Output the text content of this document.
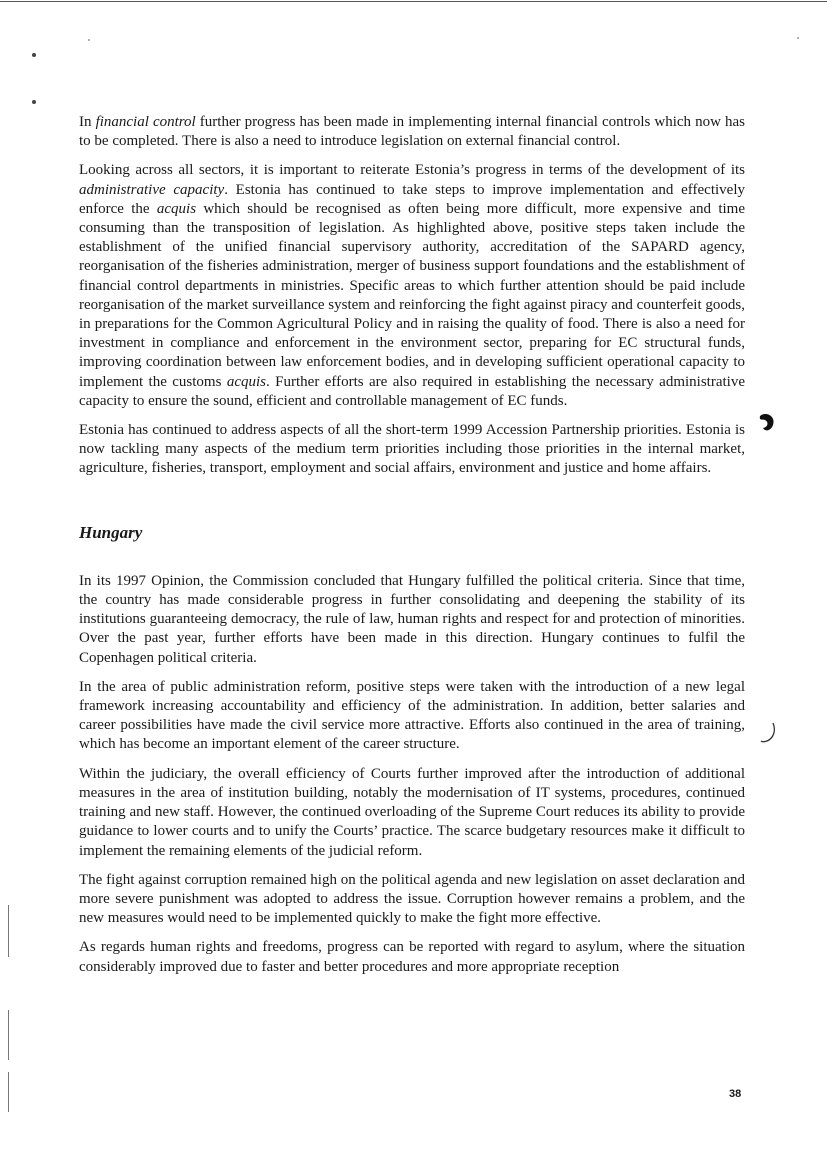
In financial control further progress has been made in implementing internal financial controls which now has to be completed. There is also a need to introduce legislation on external financial control.

Looking across all sectors, it is important to reiterate Estonia’s progress in terms of the development of its administrative capacity. Estonia has continued to take steps to improve implementation and effectively enforce the acquis which should be recognised as often being more difficult, more expensive and time consuming than the transposition of legislation. As highlighted above, positive steps taken include the establishment of the unified financial supervisory authority, accreditation of the SAPARD agency, reorganisation of the fisheries administration, merger of business support foundations and the establishment of financial control departments in ministries. Specific areas to which further attention should be paid include reorganisation of the market surveillance system and reinforcing the fight against piracy and counterfeit goods, in preparations for the Common Agricultural Policy and in raising the quality of food. There is also a need for investment in compliance and enforcement in the environment sector, preparing for EC structural funds, improving coordination between law enforcement bodies, and in developing sufficient operational capacity to implement the customs acquis. Further efforts are also required in establishing the necessary administrative capacity to ensure the sound, efficient and controllable management of EC funds.

Estonia has continued to address aspects of all the short-term 1999 Accession Partnership priorities. Estonia is now tackling many aspects of the medium term priorities including those priorities in the internal market, agriculture, fisheries, transport, employment and social affairs, environment and justice and home affairs.

Hungary

In its 1997 Opinion, the Commission concluded that Hungary fulfilled the political criteria. Since that time, the country has made considerable progress in further consolidating and deepening the stability of its institutions guaranteeing democracy, the rule of law, human rights and respect for and protection of minorities. Over the past year, further efforts have been made in this direction. Hungary continues to fulfil the Copenhagen political criteria.

In the area of public administration reform, positive steps were taken with the introduction of a new legal framework increasing accountability and efficiency of the administration. In addition, better salaries and career possibilities have made the civil service more attractive. Efforts also continued in the area of training, which has become an important element of the career structure.

Within the judiciary, the overall efficiency of Courts further improved after the introduction of additional measures in the area of institution building, notably the modernisation of IT systems, procedures, continued training and new staff. However, the continued overloading of the Supreme Court reduces its ability to provide guidance to lower courts and to unify the Courts’ practice. The scarce budgetary resources make it difficult to implement the remaining elements of the judicial reform.

The fight against corruption remained high on the political agenda and new legislation on asset declaration and more severe punishment was adopted to address the issue. Corruption however remains a problem, and the new measures would need to be implemented quickly to make the fight more effective.

As regards human rights and freedoms, progress can be reported with regard to asylum, where the situation considerably improved due to faster and better procedures and more appropriate reception

38
